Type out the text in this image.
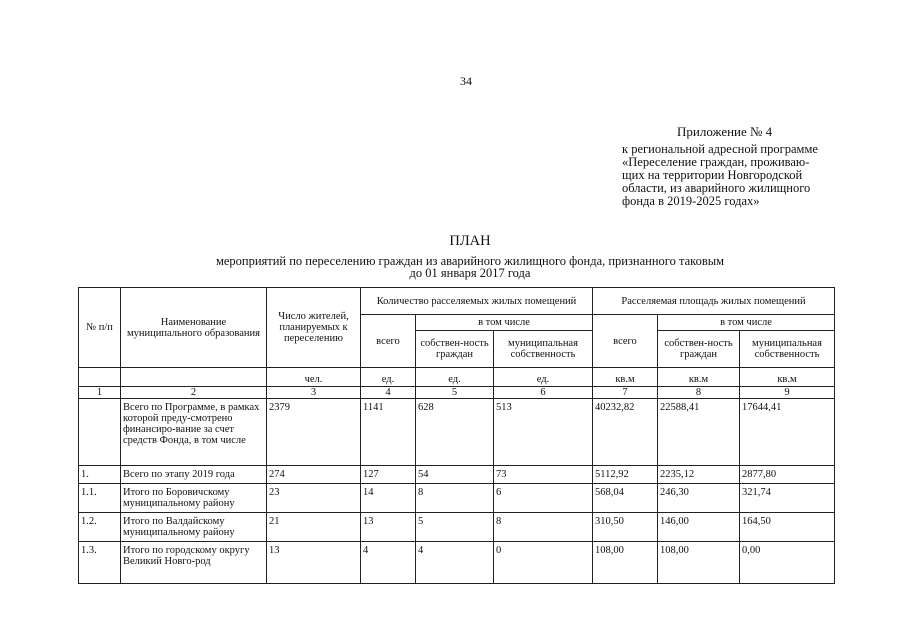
34
Приложение № 4
к региональной адресной программе
«Переселение граждан, проживаю-
щих на территории Новгородской
области, из аварийного жилищного
фонда в 2019-2025 годах»
ПЛАН
мероприятий по переселению граждан из аварийного жилищного фонда, признанного таковым
до 01 января 2017 года
№ п/п	Наименование муниципального образования	Число жителей, планируемых к переселению	Количество расселяемых жилых помещений			Расселяемая площадь жилых помещений		
			всего	в том числе		всего	в том числе	
				собствен-ность граждан	муниципальная собственность		собствен-ность граждан	муниципальная собственность
		чел.	ед.	ед.	ед.	кв.м	кв.м	кв.м
1	2	3	4	5	6	7	8	9
	Всего по Программе, в рамках которой преду-смотрено финансиро-вание за счет средств Фонда, в том числе	2379	1141	628	513	40232,82	22588,41	17644,41
1.	Всего по этапу 2019 года	274	127	54	73	5112,92	2235,12	2877,80
1.1.	Итого по Боровичскому муниципальному району	23	14	8	6	568,04	246,30	321,74
1.2.	Итого по Валдайскому муниципальному району	21	13	5	8	310,50	146,00	164,50
1.3.	Итого по городскому округу Великий Новго-род	13	4	4	0	108,00	108,00	0,00
